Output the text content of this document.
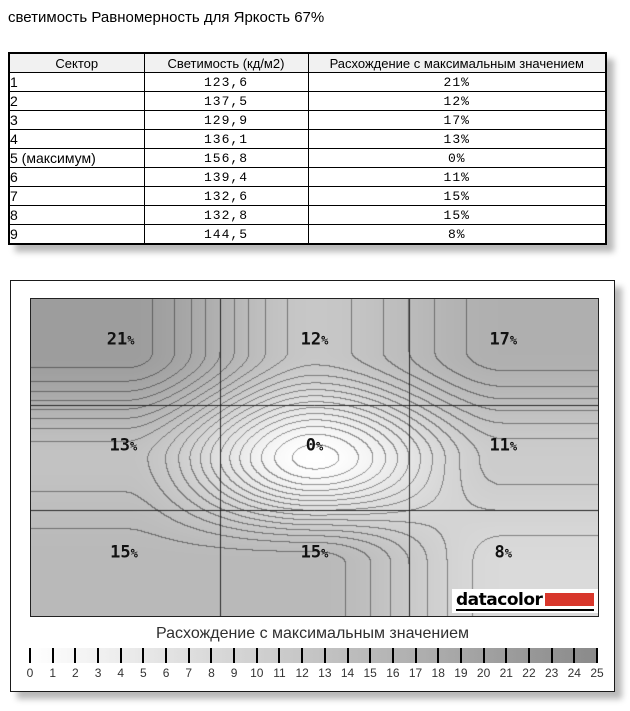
светимость Равномерность для Яркость 67%
Сектор	Светимость (кд/м2)	Расхождение с максимальным значением
1	123,6	21%
2	137,5	12%
3	129,9	17%
4	136,1	13%
5 (максимум)	156,8	0%
6	139,4	11%
7	132,6	15%
8	132,8	15%
9	144,5	8%
21%	12%	17%
13%	0%	11%
15%	15%	8%
datacolor
Расхождение с максимальным значением
0 1 2 3 4 5 6 7 8 9 10 11 12 13 14 15 16 17 18 19 20 21 22 23 24 25
